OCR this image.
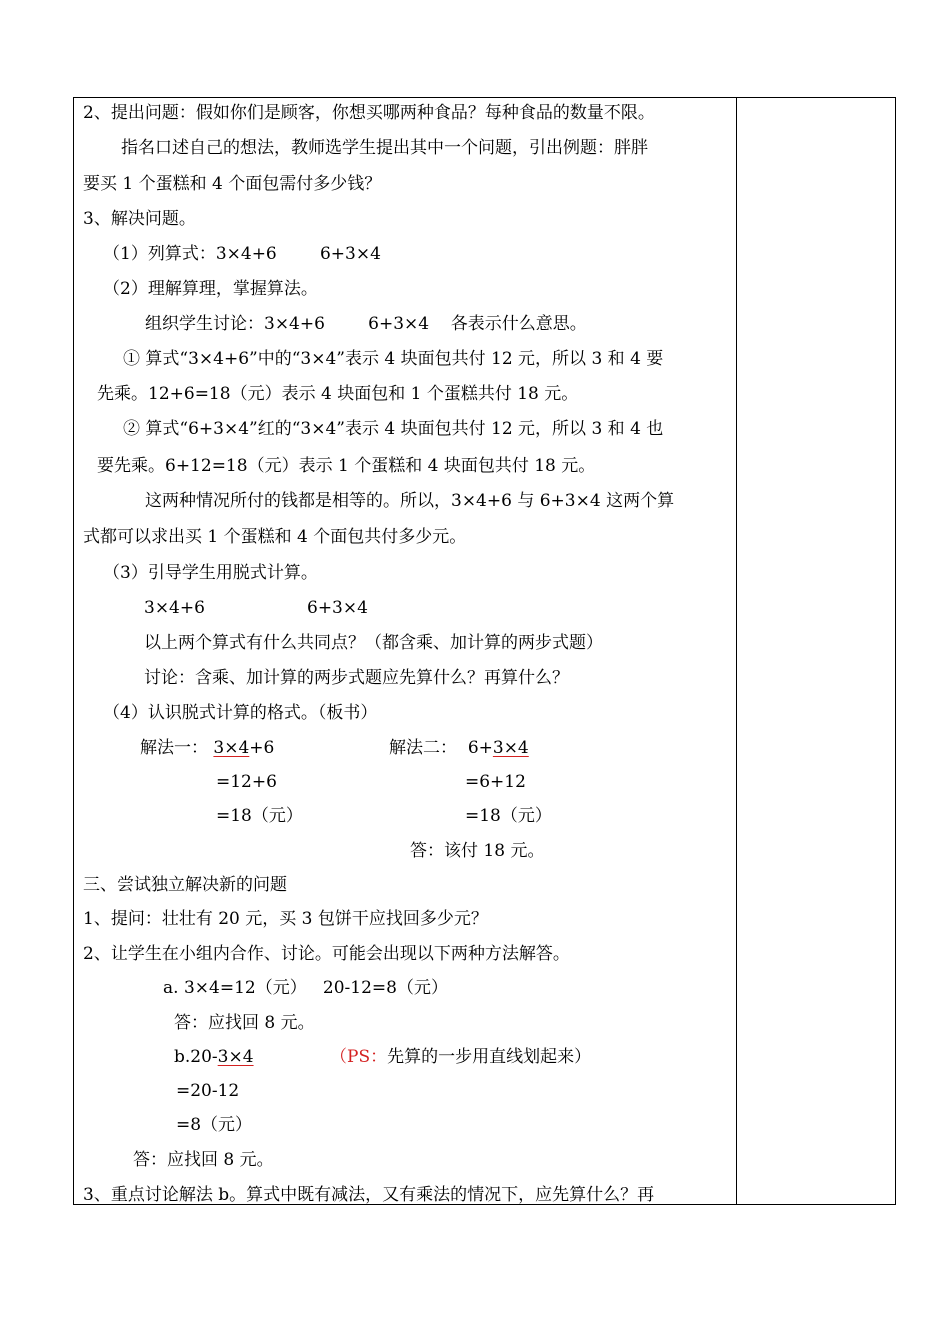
2、提出问题：假如你们是顾客，你想买哪两种食品？每种食品的数量不限。
指名口述自己的想法，教师选学生提出其中一个问题，引出例题：胖胖
要买 1 个蛋糕和 4 个面包需付多少钱？
3、解决问题。
（1）列算式：3×4+6        6+3×4
（2）理解算理，掌握算法。
组织学生讨论：3×4+6        6+3×4    各表示什么意思。
① 算式“3×4+6”中的“3×4”表示 4 块面包共付 12 元，所以 3 和 4 要
先乘。12+6=18（元）表示 4 块面包和 1 个蛋糕共付 18 元。
② 算式“6+3×4”红的“3×4”表示 4 块面包共付 12 元，所以 3 和 4 也
要先乘。6+12=18（元）表示 1 个蛋糕和 4 块面包共付 18 元。
这两种情况所付的钱都是相等的。所以，3×4+6 与 6+3×4 这两个算
式都可以求出买 1 个蛋糕和 4 个面包共付多少元。
（3）引导学生用脱式计算。
3×4+6	6+3×4
以上两个算式有什么共同点？（都含乘、加计算的两步式题）
讨论：含乘、加计算的两步式题应先算什么？再算什么？
（4）认识脱式计算的格式。（板书）
解法一： 3×4+6	解法二： 6+3×4
=12+6	=6+12
=18（元）	=18（元）
答：该付 18 元。
三、尝试独立解决新的问题
1、提问：壮壮有 20 元，买 3 包饼干应找回多少元？
2、让学生在小组内合作、讨论。可能会出现以下两种方法解答。
a. 3×4=12（元）   20-12=8（元）
答：应找回 8 元。
b.20-3×4	（PS：先算的一步用直线划起来）
=20-12
=8（元）
答：应找回 8 元。
3、重点讨论解法 b。算式中既有减法，又有乘法的情况下，应先算什么？再
